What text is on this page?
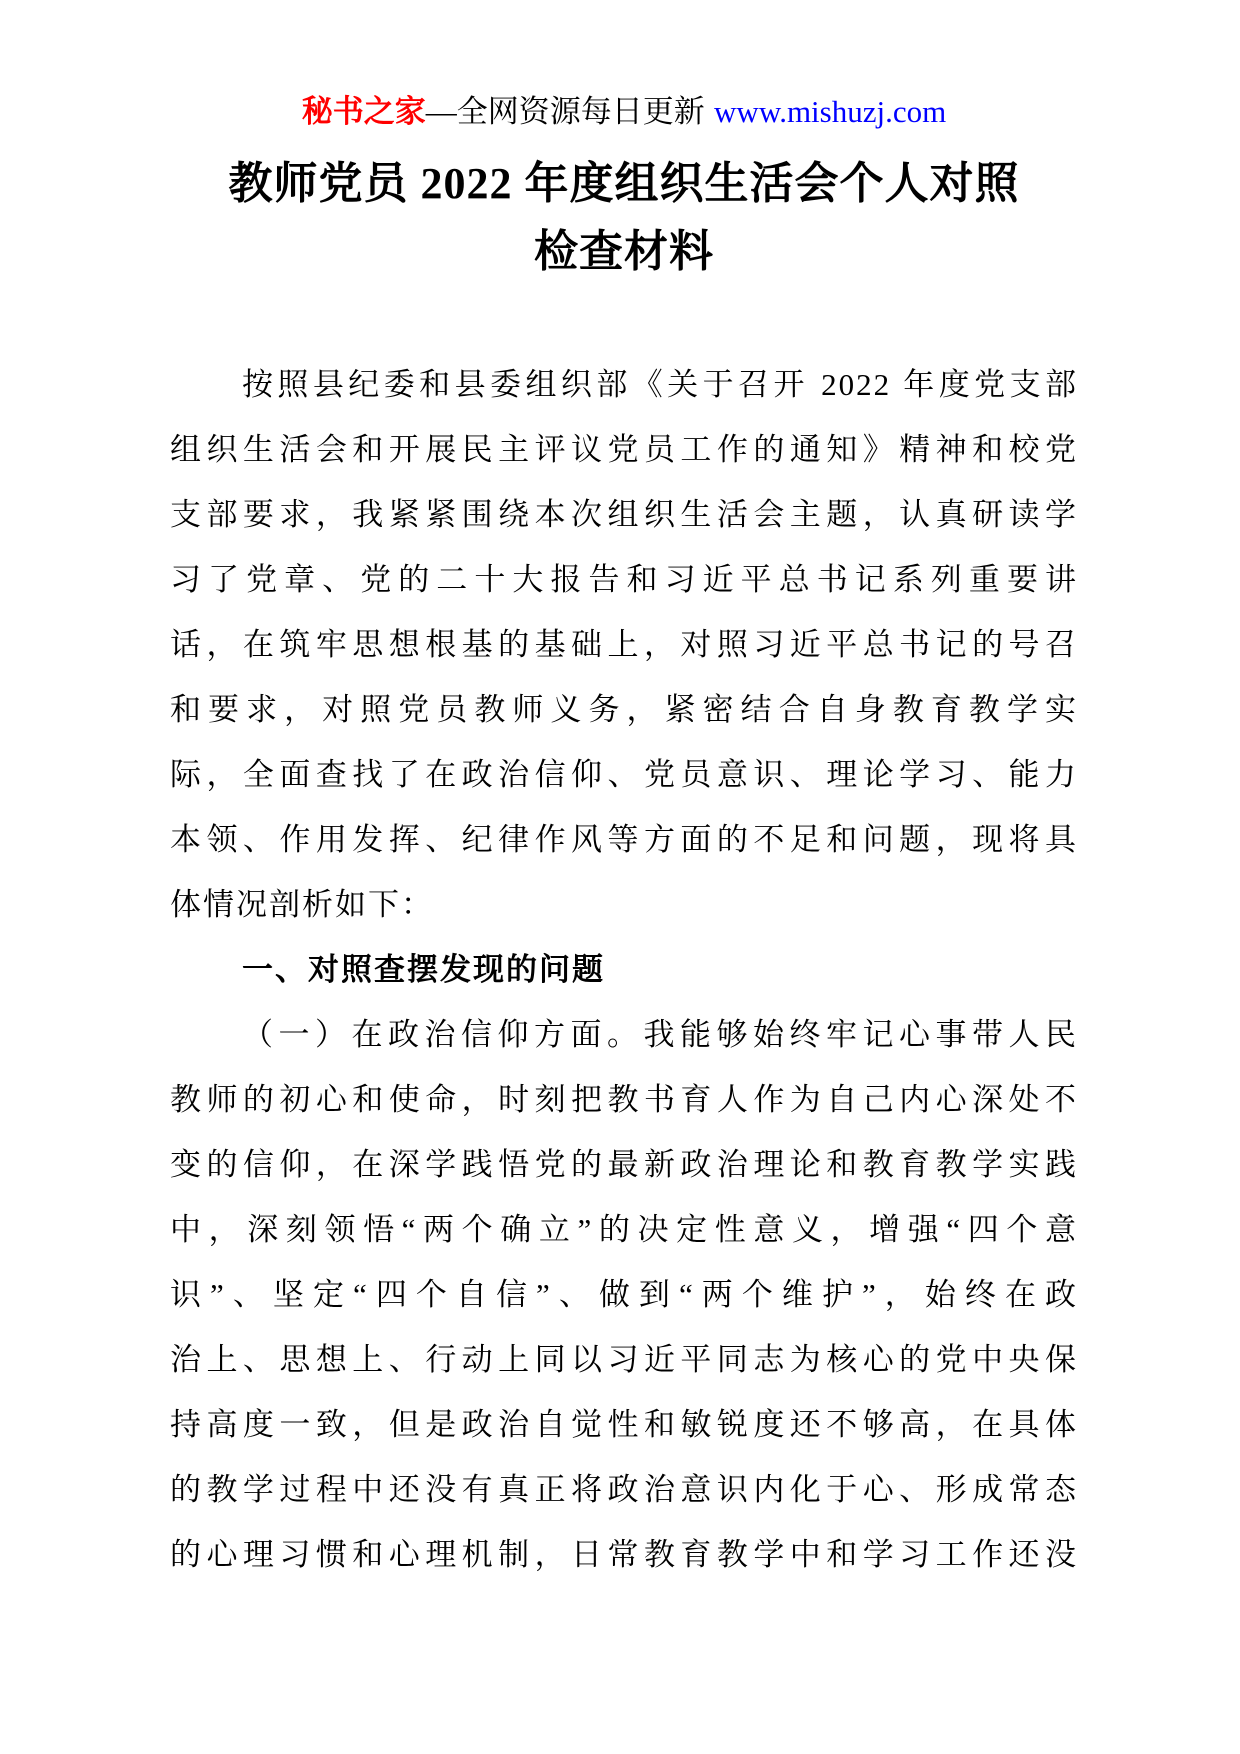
秘书之家—全网资源每日更新 www.mishuzj.com
教师党员 2022 年度组织生活会个人对照
检查材料
按照县纪委和县委组织部《关于召开 2022 年度党支部
组织生活会和开展民主评议党员工作的通知》精神和校党
支部要求，我紧紧围绕本次组织生活会主题，认真研读学
习了党章、党的二十大报告和习近平总书记系列重要讲
话，在筑牢思想根基的基础上，对照习近平总书记的号召
和要求，对照党员教师义务，紧密结合自身教育教学实
际，全面查找了在政治信仰、党员意识、理论学习、能力
本领、作用发挥、纪律作风等方面的不足和问题，现将具
体情况剖析如下：
一、对照查摆发现的问题
（一）在政治信仰方面。我能够始终牢记心事带人民
教师的初心和使命，时刻把教书育人作为自己内心深处不
变的信仰，在深学践悟党的最新政治理论和教育教学实践
中，深刻领悟“两个确立”的决定性意义，增强“四个意
识”、坚定“四个自信”、做到“两个维护”，始终在政
治上、思想上、行动上同以习近平同志为核心的党中央保
持高度一致，但是政治自觉性和敏锐度还不够高，在具体
的教学过程中还没有真正将政治意识内化于心、形成常态
的心理习惯和心理机制，日常教育教学中和学习工作还没
